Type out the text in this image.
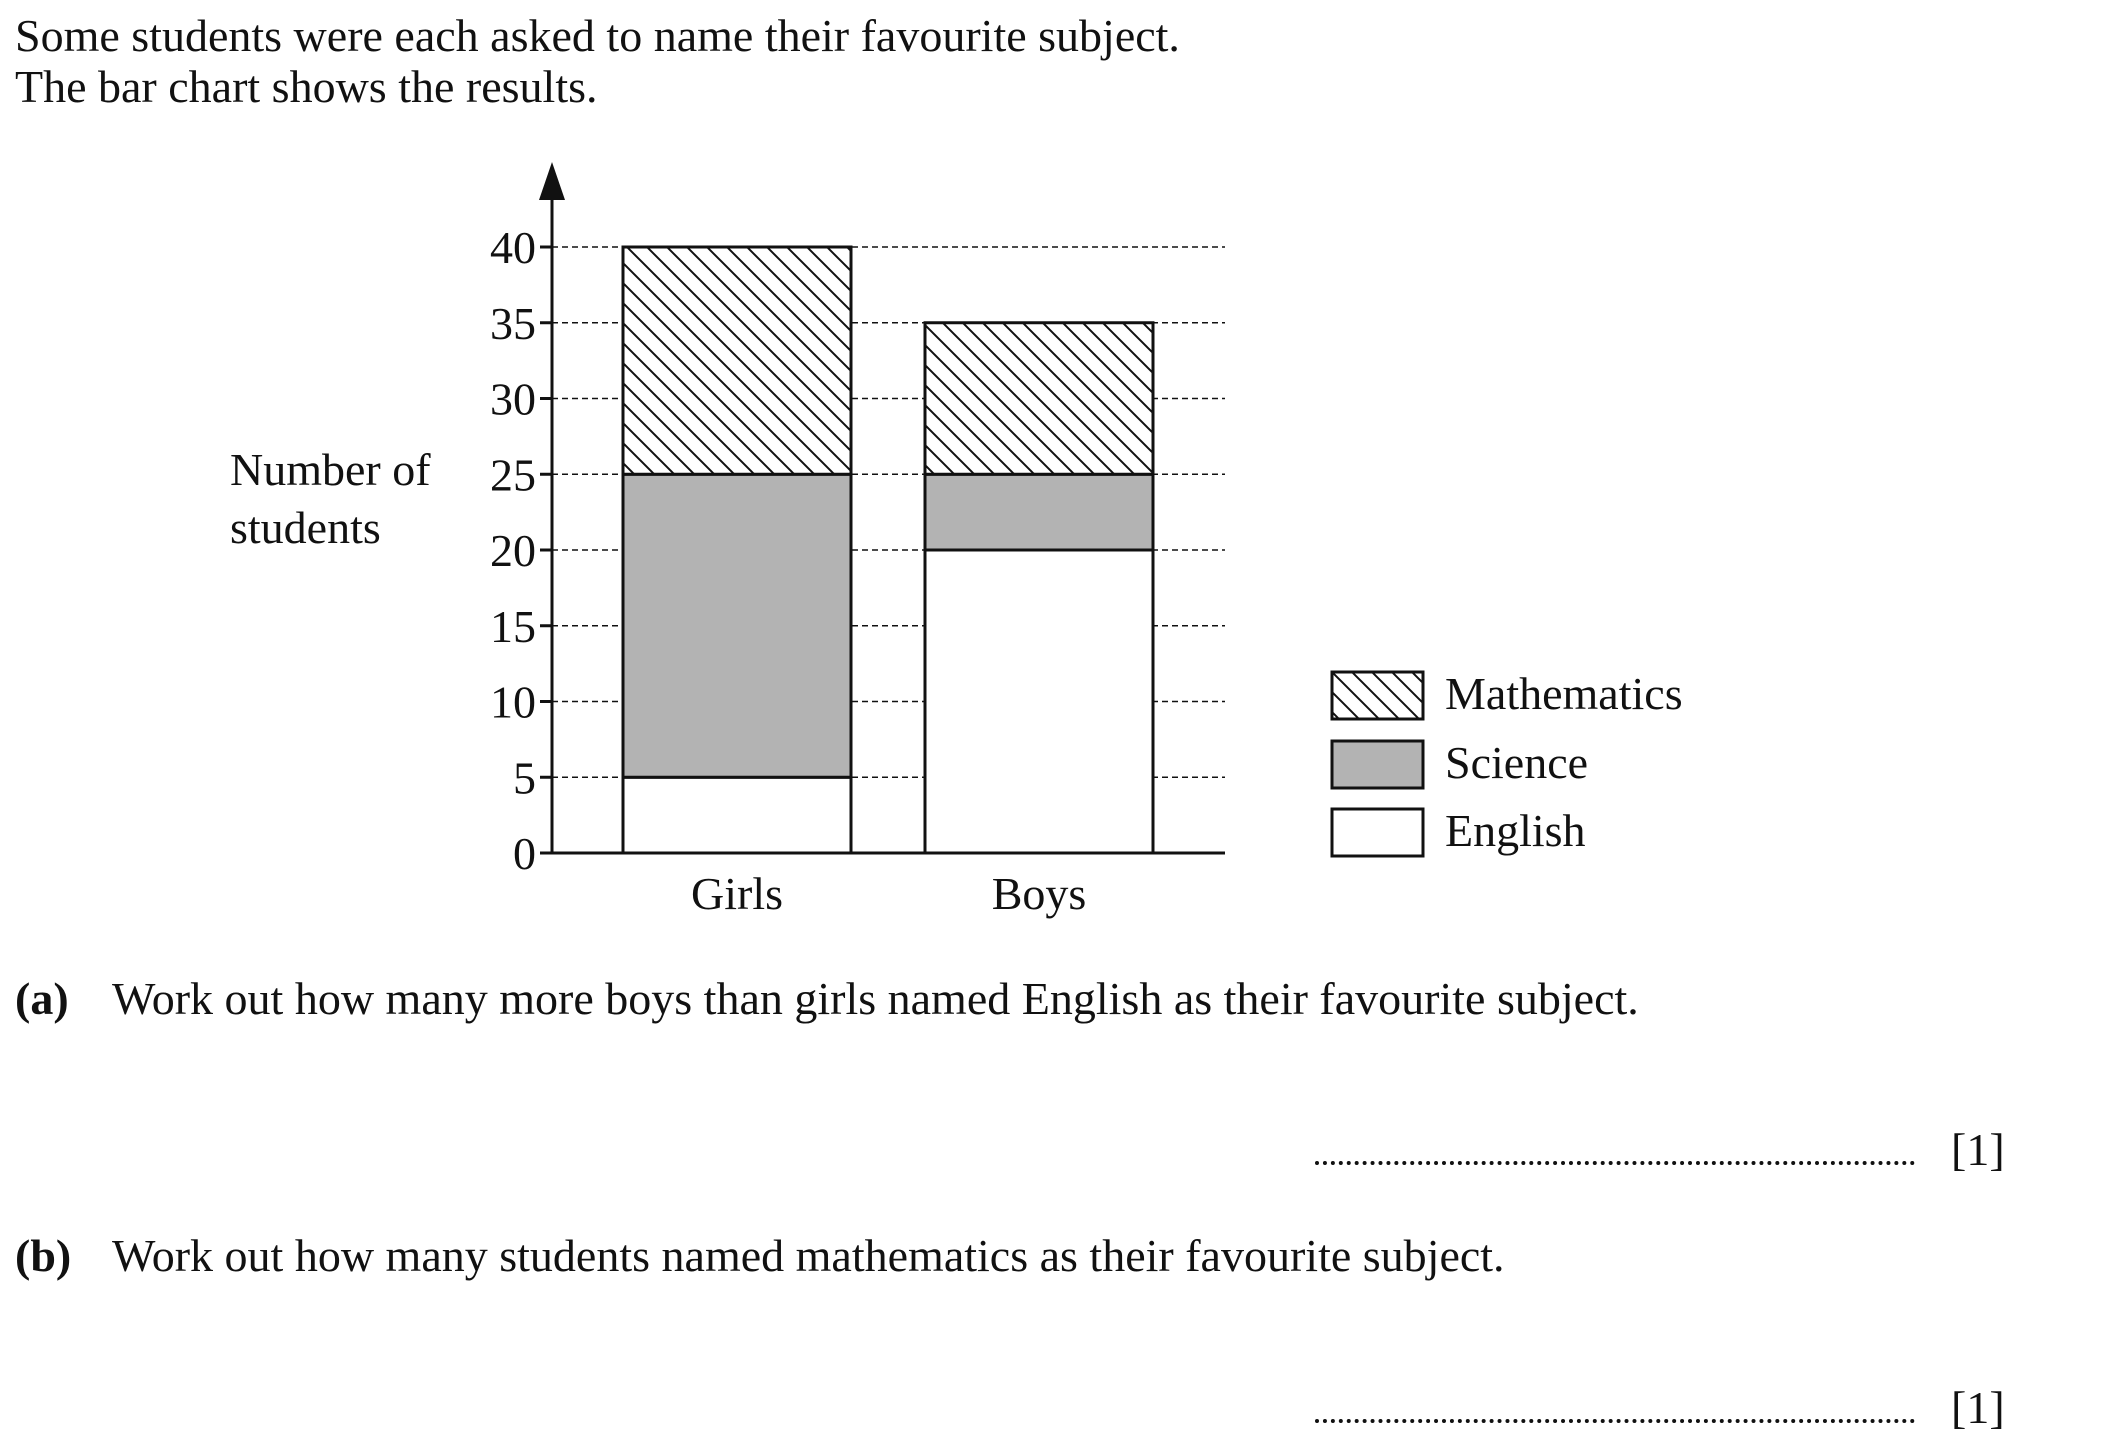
Some students were each asked to name their favourite subject.
The bar chart shows the results.
0
5
10
15
20
25
30
35
40
Girls	Boys
Number of
students
Mathematics
Science
English
(a) Work out how many more boys than girls named English as their favourite subject.
[1]
(b) Work out how many students named mathematics as their favourite subject.
[1]
